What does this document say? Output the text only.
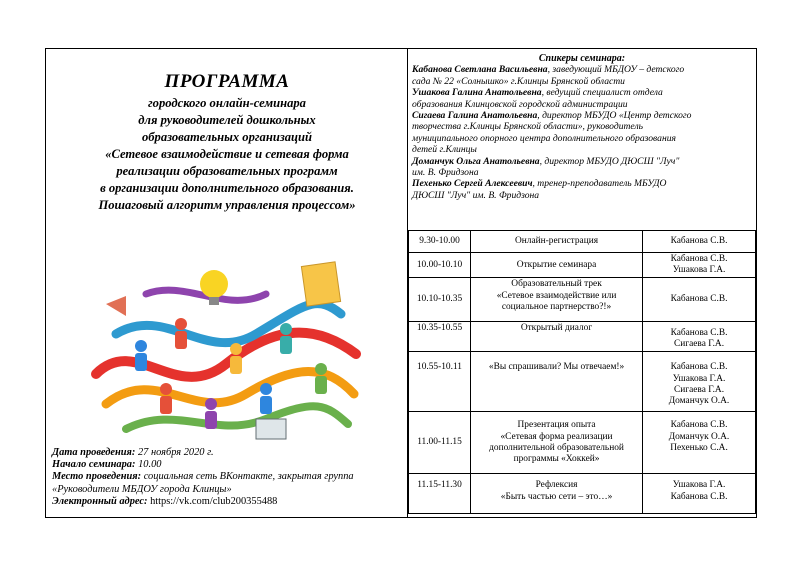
ПРОГРАММА
городского онлайн-семинара
для руководителей дошкольных
образовательных организаций
«Сетевое взаимодействие и сетевая форма
реализации образовательных программ
в организации дополнительного образования.
Пошаговый алгоритм управления процессом»
Дата проведения: 27 ноября 2020 г.
Начало семинара: 10.00
Место проведения: социальная сеть ВКонтакте, закрытая группа
«Руководители МБДОУ города Клинцы»
Электронный адрес: https://vk.com/club200355488
Спикеры семинара:
Кабанова Светлана Васильевна, заведующий МБДОУ – детского
сада № 22 «Солнышко» г.Клинцы Брянской области
Ушакова Галина Анатольевна, ведущий специалист отдела
образования Клинцовской городской администрации
Сигаева Галина Анатольевна, директор МБУДО «Центр детского
творчества г.Клинцы Брянской области», руководитель
муниципального опорного центра дополнительного образования
детей г.Клинцы
Доманчук Ольга Анатольевна, директор МБУДО ДЮСШ "Луч"
им. В. Фридзона
Пехенько Сергей Алексеевич, тренер-преподаватель МБУДО
ДЮСШ "Луч" им. В. Фридзона
9.30-10.00	Онлайн-регистрация	Кабанова С.В.
10.00-10.10	Открытие семинара	Кабанова С.В.
Ушакова Г.А.
10.10-10.35	Образовательный трек
«Сетевое взаимодействие или
социальное партнерство?!»	Кабанова С.В.
10.35-10.55	Открытый диалог	Кабанова С.В.
Сигаева Г.А.
10.55-10.11	«Вы спрашивали? Мы отвечаем!»	Кабанова С.В.
Ушакова Г.А.
Сигаева Г.А.
Доманчук О.А.
11.00-11.15	Презентация опыта
«Сетевая форма реализации
дополнительной образовательной
программы «Хоккей»	Кабанова С.В.
Доманчук О.А.
Пехенько С.А.
11.15-11.30	Рефлексия
«Быть частью сети – это…»	Ушакова Г.А.
Кабанова С.В.
